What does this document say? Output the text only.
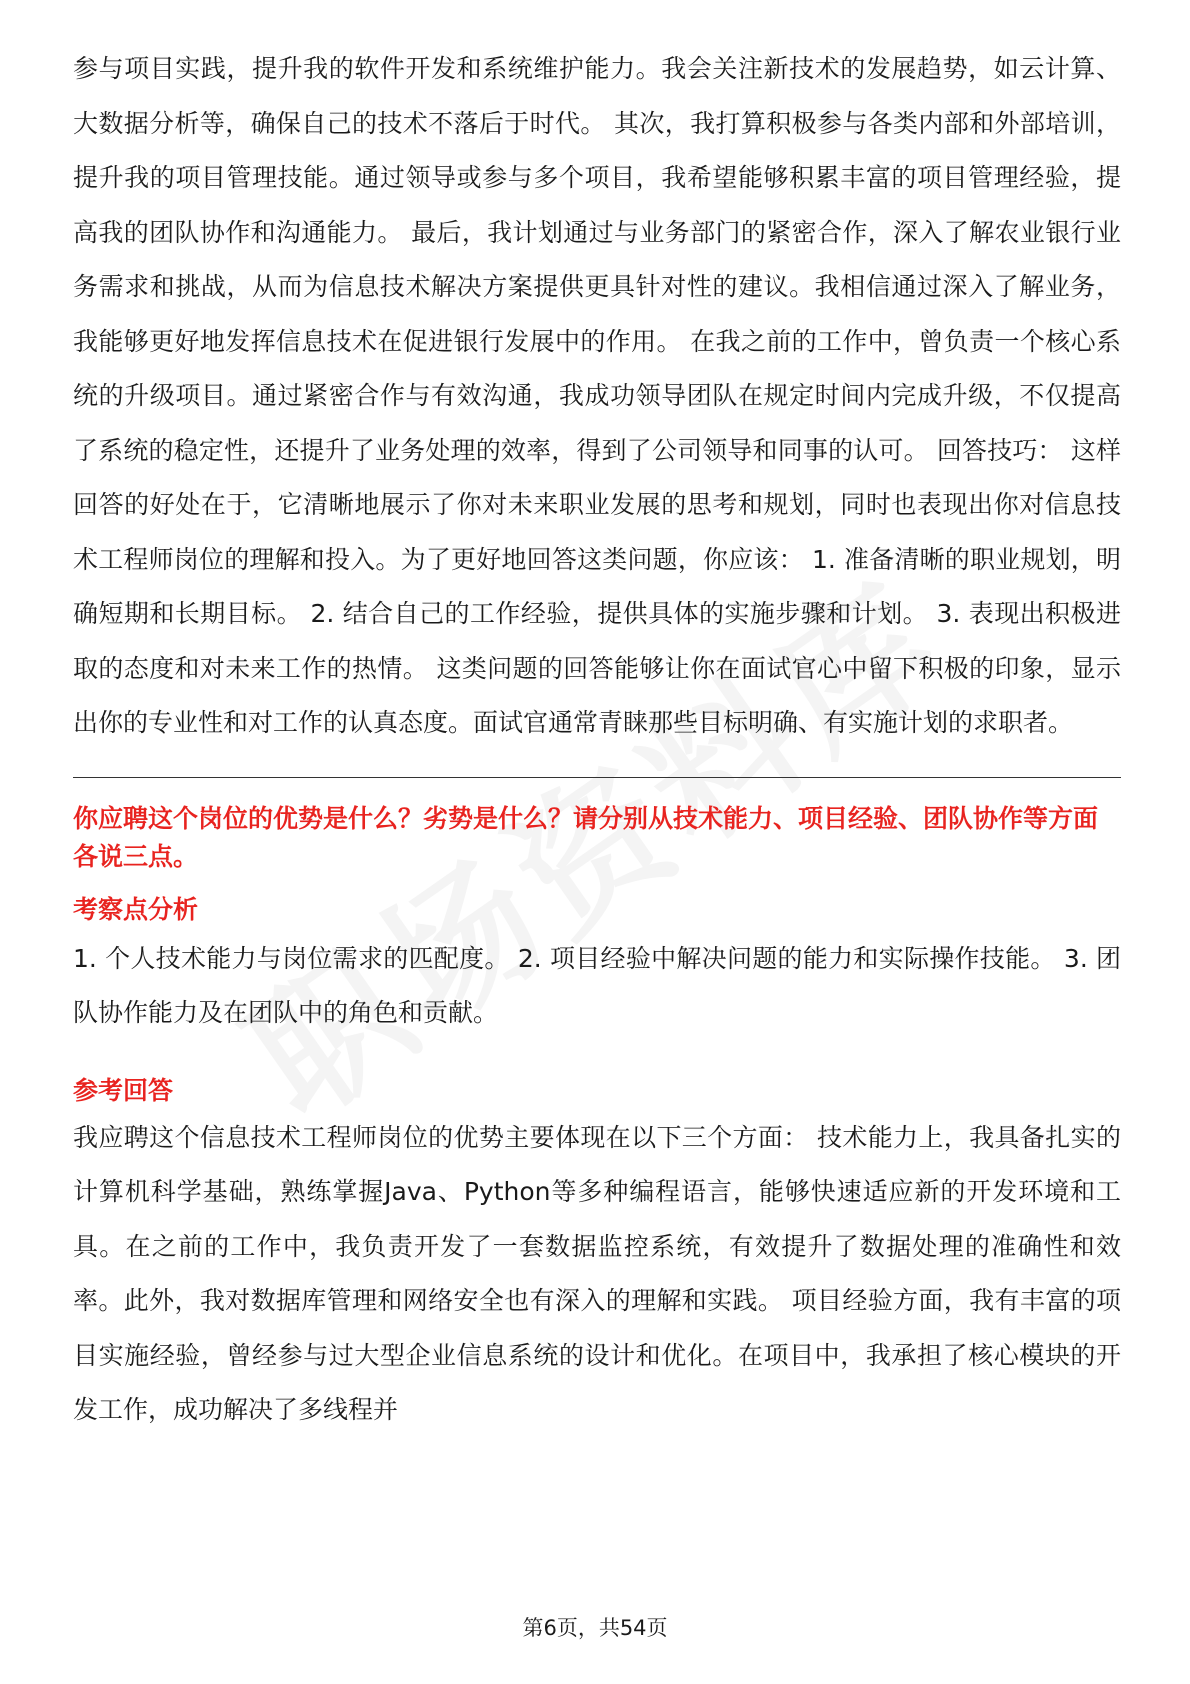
参与项目实践，提升我的软件开发和系统维护能力。我会关注新技术的发展趋势，如云计算、大数据分析等，确保自己的技术不落后于时代。 其次，我打算积极参与各类内部和外部培训，提升我的项目管理技能。通过领导或参与多个项目，我希望能够积累丰富的项目管理经验，提高我的团队协作和沟通能力。 最后，我计划通过与业务部门的紧密合作，深入了解农业银行业务需求和挑战，从而为信息技术解决方案提供更具针对性的建议。我相信通过深入了解业务，我能够更好地发挥信息技术在促进银行发展中的作用。 在我之前的工作中，曾负责一个核心系统的升级项目。通过紧密合作与有效沟通，我成功领导团队在规定时间内完成升级，不仅提高了系统的稳定性，还提升了业务处理的效率，得到了公司领导和同事的认可。 回答技巧： 这样回答的好处在于，它清晰地展示了你对未来职业发展的思考和规划，同时也表现出你对信息技术工程师岗位的理解和投入。为了更好地回答这类问题，你应该： 1. 准备清晰的职业规划，明确短期和长期目标。 2. 结合自己的工作经验，提供具体的实施步骤和计划。 3. 表现出积极进取的态度和对未来工作的热情。 这类问题的回答能够让你在面试官心中留下积极的印象，显示出你的专业性和对工作的认真态度。面试官通常青睐那些目标明确、有实施计划的求职者。

你应聘这个岗位的优势是什么？劣势是什么？请分别从技术能力、项目经验、团队协作等方面各说三点。
考察点分析

1. 个人技术能力与岗位需求的匹配度。 2. 项目经验中解决问题的能力和实际操作技能。 3. 团队协作能力及在团队中的角色和贡献。

参考回答

我应聘这个信息技术工程师岗位的优势主要体现在以下三个方面： 技术能力上，我具备扎实的计算机科学基础，熟练掌握Java、Python等多种编程语言，能够快速适应新的开发环境和工具。在之前的工作中，我负责开发了一套数据监控系统，有效提升了数据处理的准确性和效率。此外，我对数据库管理和网络安全也有深入的理解和实践。 项目经验方面，我有丰富的项目实施经验，曾经参与过大型企业信息系统的设计和优化。在项目中，我承担了核心模块的开发工作，成功解决了多线程并

第6页，共54页
